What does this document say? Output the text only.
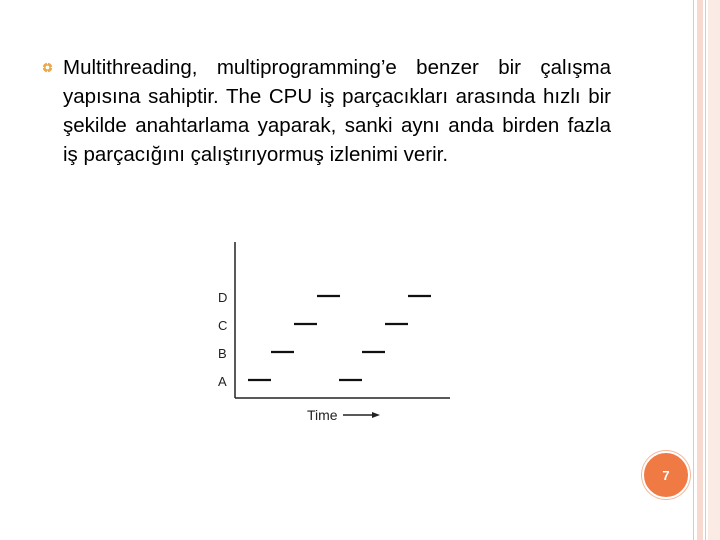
Multithreading, multiprogramming’e benzer bir çalışma yapısına sahiptir. The CPU iş parçacıkları arasında hızlı bir şekilde anahtarlama yaparak, sanki aynı anda birden fazla iş parçacığını çalıştırıyormuş izlenimi verir.

D
C
B
A
Time
7
